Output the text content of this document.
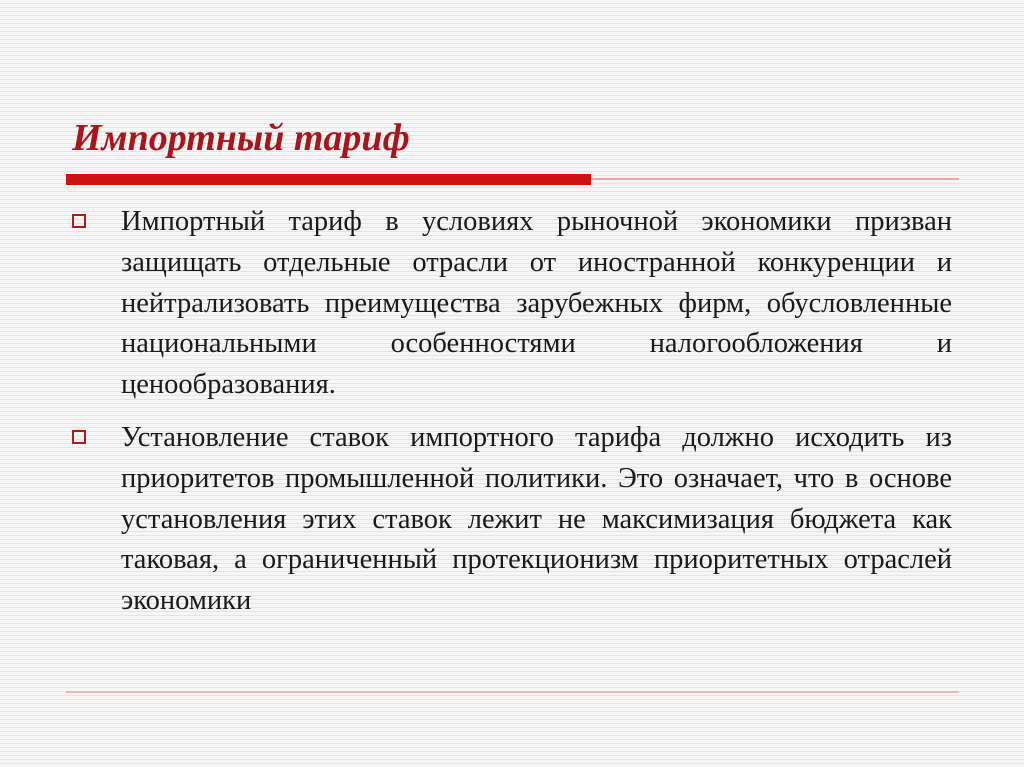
Импортный тариф

Импортный тариф в условиях рыночной экономики призван защищать отдельные отрасли от иностранной конкуренции и нейтрализовать преимущества зарубежных фирм, обусловленные национальными особенностями налогообложения и ценообразования.

Установление ставок импортного тарифа должно исходить из приоритетов промышленной политики. Это означает, что в основе установления этих ставок лежит не максимизация бюджета как таковая, а ограниченный протекционизм приоритетных отраслей экономики
